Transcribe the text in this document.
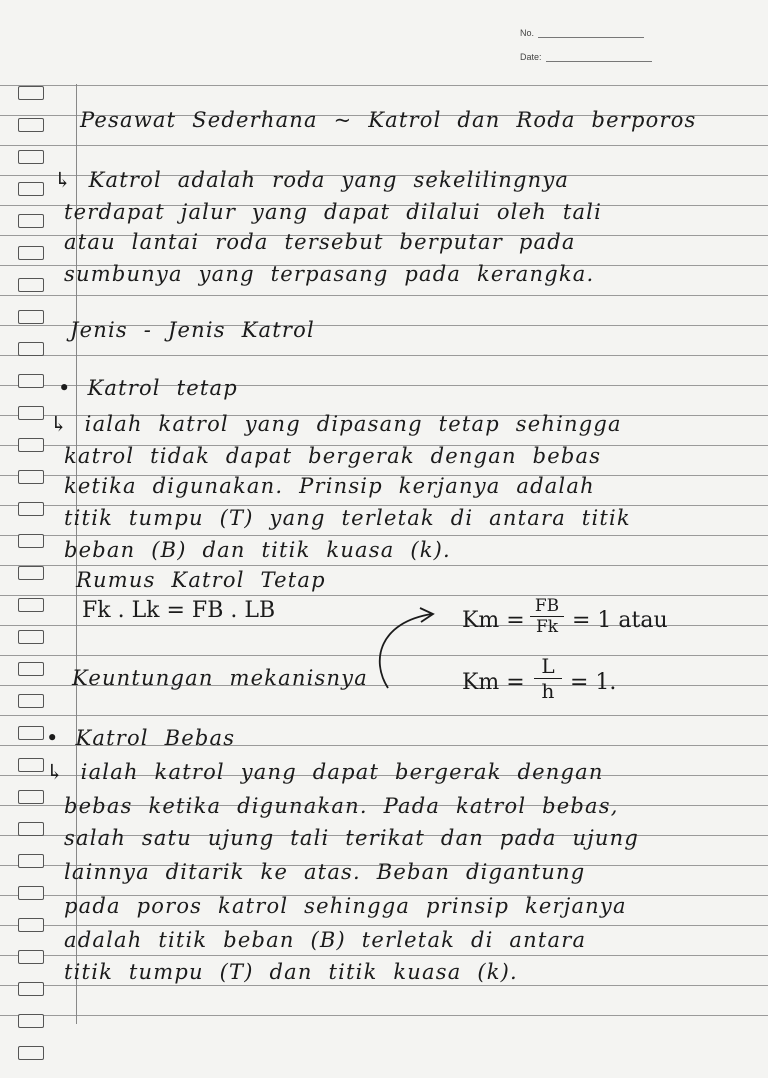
No.
Date:
Pesawat Sederhana ~ Katrol dan Roda berporos
↳ Katrol adalah roda yang sekelilingnya
terdapat jalur yang dapat dilalui oleh tali
atau lantai roda tersebut berputar pada
sumbunya yang terpasang pada kerangka.
Jenis - Jenis Katrol
• Katrol tetap
↳ ialah katrol yang dipasang tetap sehingga
katrol tidak dapat bergerak dengan bebas
ketika digunakan. Prinsip kerjanya adalah
titik tumpu (T) yang terletak di antara titik
beban (B) dan titik kuasa (k).
Rumus Katrol Tetap
Fk . Lk = FB . LB	Km =
FB
Fk = 1 atau
Keuntungan mekanisnya	Km =
L
h = 1.
• Katrol Bebas
↳ ialah katrol yang dapat bergerak dengan
bebas ketika digunakan. Pada katrol bebas,
salah satu ujung tali terikat dan pada ujung
lainnya ditarik ke atas. Beban digantung
pada poros katrol sehingga prinsip kerjanya
adalah titik beban (B) terletak di antara
titik tumpu (T) dan titik kuasa (k).
